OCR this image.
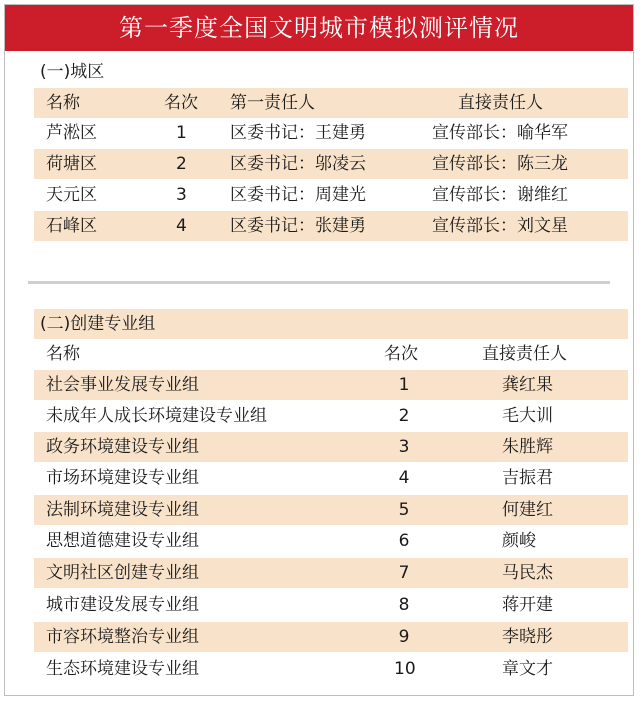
第一季度全国文明城市模拟测评情况
(一)城区
名称	名次 第一责任人	直接责任人
芦淞区	1	区委书记：王建勇	宣传部长：喻华军
荷塘区	2	区委书记：邬凌云	宣传部长：陈三龙
天元区	3	区委书记：周建光	宣传部长：谢维红
石峰区	4	区委书记：张建勇	宣传部长：刘文星
(二)创建专业组
名称	名次	直接责任人
社会事业发展专业组	1	龚红果
未成年人成长环境建设专业组	2	毛大训
政务环境建设专业组	3	朱胜辉
市场环境建设专业组	4	吉振君
法制环境建设专业组	5	何建红
思想道德建设专业组	6	颜峻
文明社区创建专业组	7	马民杰
城市建设发展专业组	8	蒋开建
市容环境整治专业组	9	李晓彤
生态环境建设专业组	10	章文才
